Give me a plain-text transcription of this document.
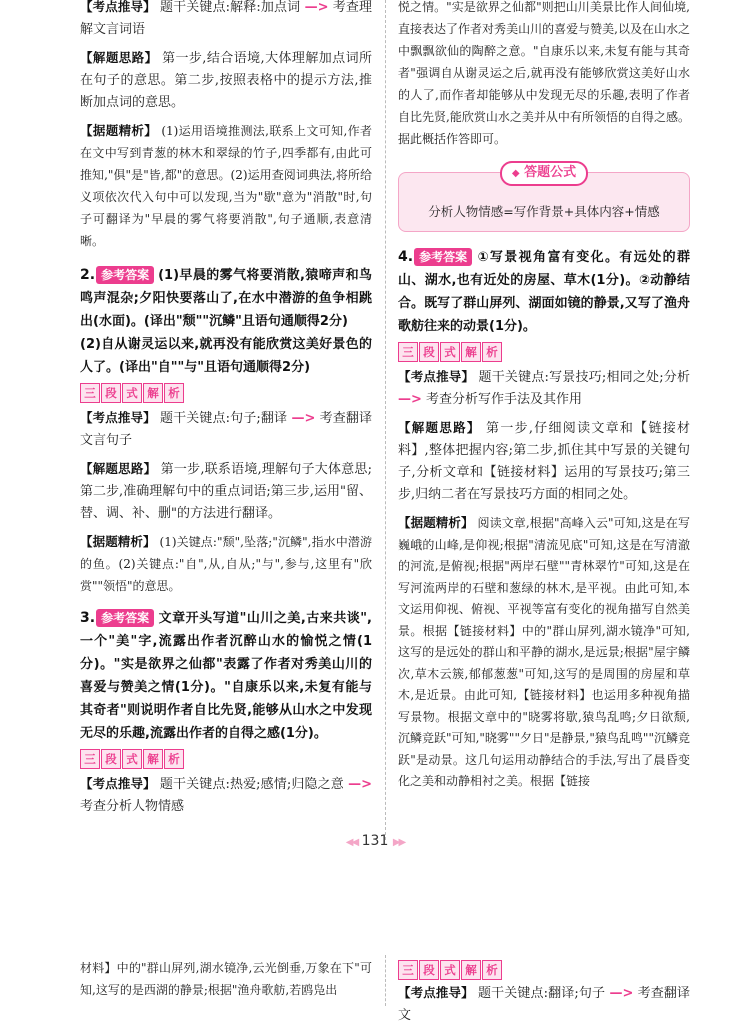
【考点推导】 题干关键点:解释:加点词 —> 考查理解文言词语

【解题思路】 第一步,结合语境,大体理解加点词所在句子的意思。第二步,按照表格中的提示方法,推断加点词的意思。

【据题精析】 (1)运用语境推测法,联系上文可知,作者在文中写到青葱的林木和翠绿的竹子,四季都有,由此可推知,"俱"是"皆,都"的意思。(2)运用查阅词典法,将所给义项依次代入句中可以发现,当为"歇"意为"消散"时,句子可翻译为"早晨的雾气将要消散",句子通顺,表意清晰。

2. 参考答案 (1)早晨的雾气将要消散,猿啼声和鸟鸣声混杂;夕阳快要落山了,在水中潜游的鱼争相跳出(水面)。(译出"颓""沉鳞"且语句通顺得2分)

(2)自从谢灵运以来,就再没有能欣赏这美好景色的人了。(译出"自""与"且语句通顺得2分)

三 段 式 解 析

【考点推导】 题干关键点:句子;翻译 —> 考查翻译文言句子

【解题思路】 第一步,联系语境,理解句子大体意思;第二步,准确理解句中的重点词语;第三步,运用"留、替、调、补、删"的方法进行翻译。

【据题精析】 (1)关键点:"颓",坠落;"沉鳞",指水中潜游的鱼。(2)关键点:"自",从,自从;"与",参与,这里有"欣赏""领悟"的意思。

3. 参考答案 文章开头写道"山川之美,古来共谈",一个"美"字,流露出作者沉醉山水的愉悦之情(1分)。"实是欲界之仙都"表露了作者对秀美山川的喜爱与赞美之情(1分)。"自康乐以来,未复有能与其奇者"则说明作者自比先贤,能够从山水之中发现无尽的乐趣,流露出作者的自得之感(1分)。

三 段 式 解 析

【考点推导】 题干关键点:热爱;感情;归隐之意 —> 考查分析人物情感

悦之情。"实是欲界之仙都"则把山川美景比作人间仙境,直接表达了作者对秀美山川的喜爱与赞美,以及在山水之中飘飘欲仙的陶醉之意。"自康乐以来,未复有能与其奇者"强调自从谢灵运之后,就再没有能够欣赏这美好山水的人了,而作者却能够从中发现无尽的乐趣,表明了作者自比先贤,能欣赏山水之美并从中有所领悟的自得之感。据此概括作答即可。

◆ 答题公式
分析人物情感=写作背景+具体内容+情感

4. 参考答案 ①写景视角富有变化。有远处的群山、湖水,也有近处的房屋、草木(1分)。②动静结合。既写了群山屏列、湖面如镜的静景,又写了渔舟歌舫往来的动景(1分)。

三 段 式 解 析

【考点推导】 题干关键点:写景技巧;相同之处;分析 —> 考查分析写作手法及其作用

【解题思路】 第一步,仔细阅读文章和【链接材料】,整体把握内容;第二步,抓住其中写景的关键句子,分析文章和【链接材料】运用的写景技巧;第三步,归纳二者在写景技巧方面的相同之处。

【据题精析】 阅读文章,根据"高峰入云"可知,这是在写巍峨的山峰,是仰视;根据"清流见底"可知,这是在写清澈的河流,是俯视;根据"两岸石壁""青林翠竹"可知,这是在写河流两岸的石壁和葱绿的林木,是平视。由此可知,本文运用仰视、俯视、平视等富有变化的视角描写自然美景。根据【链接材料】中的"群山屏列,湖水镜净"可知,这写的是远处的群山和平静的湖水,是远景;根据"屋宇鳞次,草木云簇,郁郁葱葱"可知,这写的是周围的房屋和草木,是近景。由此可知,【链接材料】也运用多种视角描写景物。根据文章中的"晓雾将歇,猿鸟乱鸣;夕日欲颓,沉鳞竞跃"可知,"晓雾""夕日"是静景,"猿鸟乱鸣""沉鳞竞跃"是动景。这几句运用动静结合的手法,写出了晨昏变化之美和动静相衬之美。根据【链接

◀◀ 131 ▶▶

材料】中的"群山屏列,湖水镜净,云光倒垂,万象在下"可知,这写的是西湖的静景;根据"渔舟歌舫,若鸥凫出

三 段 式 解 析

【考点推导】 题干关键点:翻译;句子 —> 考查翻译文
